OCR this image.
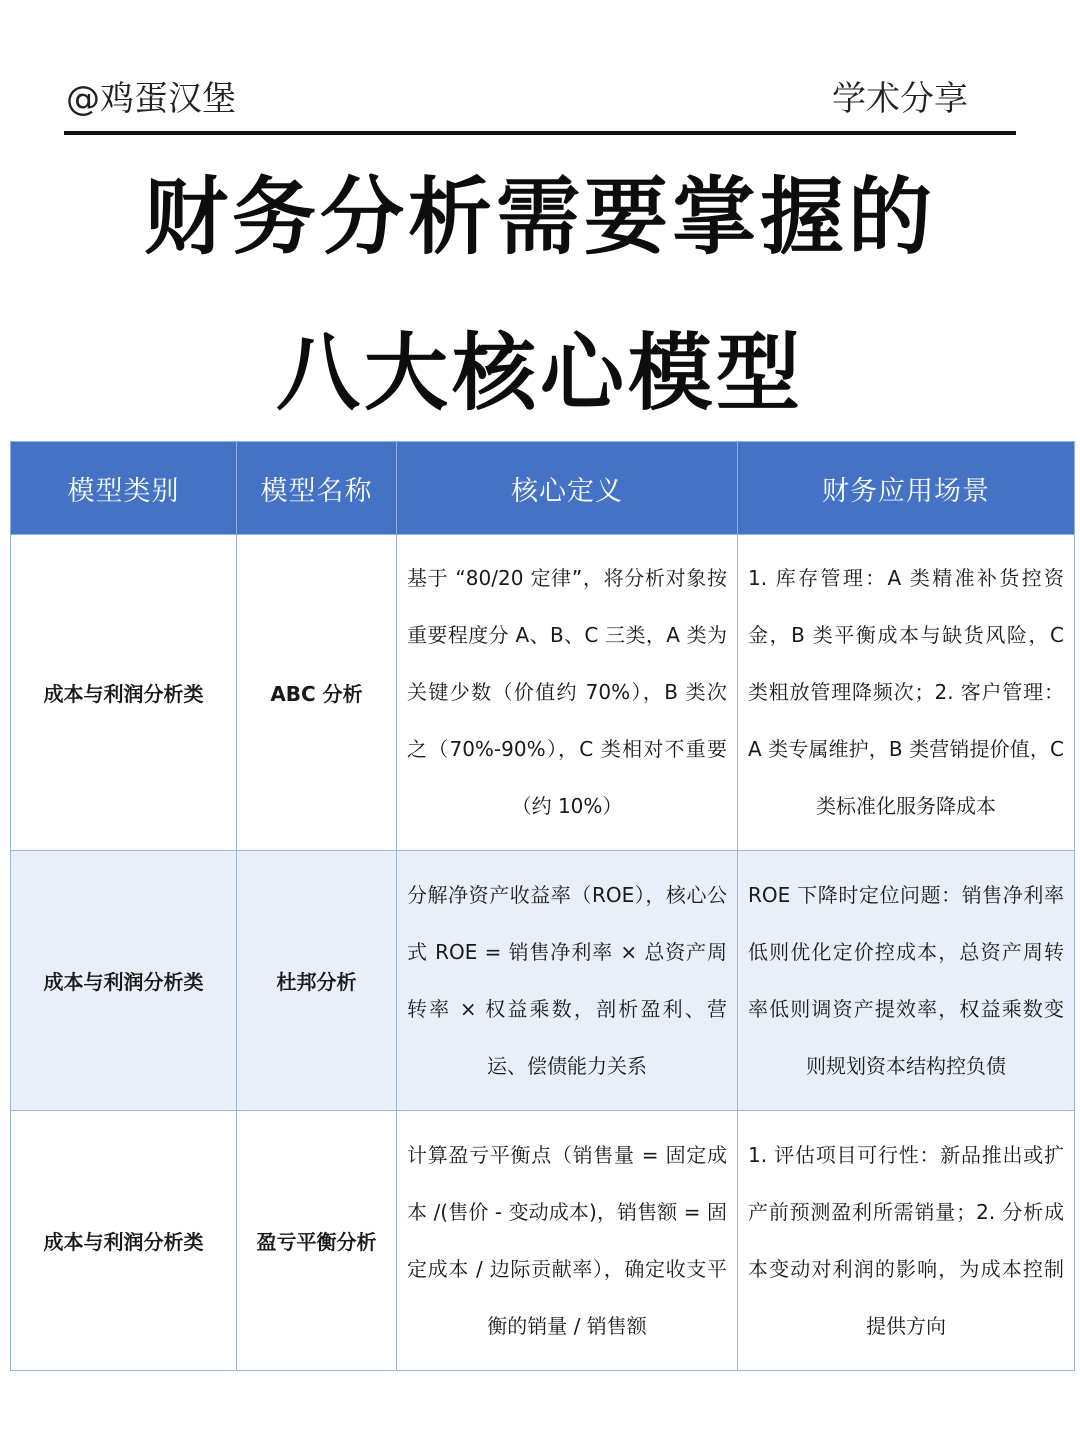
@鸡蛋汉堡	学术分享
财务分析需要掌握的
八大核心模型
模型类别	模型名称	核心定义	财务应用场景
成本与利润分析类	ABC 分析	基于 “80/20 定律”，将分析对象按重要程度分 A、B、C 三类，A 类为关键少数（价值约 70%），B 类次之（70%-90%），C 类相对不重要（约 10%）	1. 库存管理：A 类精准补货控资金，B 类平衡成本与缺货风险，C 类粗放管理降频次；2. 客户管理：A 类专属维护，B 类营销提价值，C 类标准化服务降成本
成本与利润分析类	杜邦分析	分解净资产收益率（ROE），核心公式 ROE = 销售净利率 × 总资产周转率 × 权益乘数，剖析盈利、营运、偿债能力关系	ROE 下降时定位问题：销售净利率低则优化定价控成本，总资产周转率低则调资产提效率，权益乘数变则规划资本结构控负债
成本与利润分析类	盈亏平衡分析	计算盈亏平衡点（销售量 = 固定成本 /(售价 - 变动成本)，销售额 = 固定成本 / 边际贡献率），确定收支平衡的销量 / 销售额	1. 评估项目可行性：新品推出或扩产前预测盈利所需销量；2. 分析成本变动对利润的影响，为成本控制提供方向
